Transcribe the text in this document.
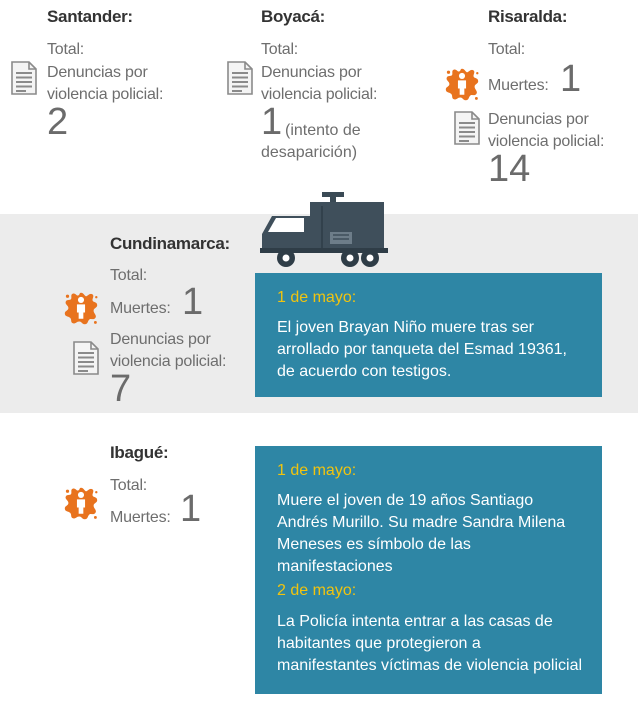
Santander:
Total:
Denuncias por violencia policial:
2
Boyacá:
Total:
Denuncias por violencia policial:
1 (intento de
desaparición)
Risaralda:
Total:
Muertes: 1
Denuncias por violencia policial:
14
Cundinamarca:
Total:
Muertes: 1
Denuncias por violencia policial:
7
1 de mayo:
El joven Brayan Niño muere tras ser arrollado por tanqueta del Esmad 19361, de acuerdo con testigos.
Ibagué:
Total:
Muertes: 1
1 de mayo:
Muere el joven de 19 años Santiago Andrés Murillo. Su madre Sandra Milena Meneses es símbolo de las manifestaciones
2 de mayo:
La Policía intenta entrar a las casas de habitantes que protegieron a manifestantes víctimas de violencia policial
